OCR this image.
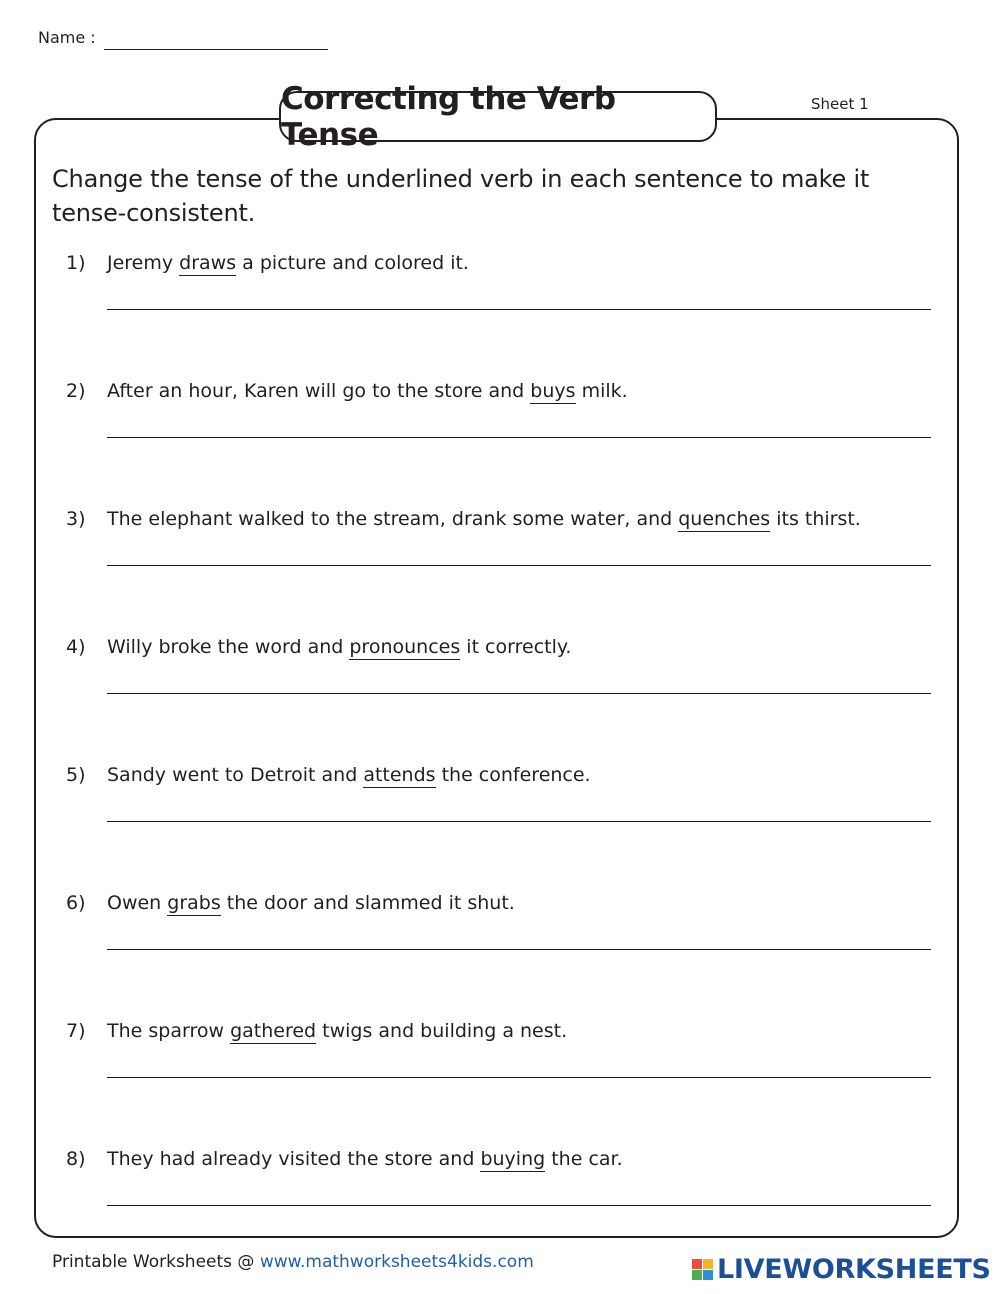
Name :
Correcting the Verb Tense
Sheet 1
Change the tense of the underlined verb in each sentence to make it tense-consistent.
1) Jeremy draws a picture and colored it.
2) After an hour, Karen will go to the store and buys milk.
3) The elephant walked to the stream, drank some water, and quenches its thirst.
4) Willy broke the word and pronounces it correctly.
5) Sandy went to Detroit and attends the conference.
6) Owen grabs the door and slammed it shut.
7) The sparrow gathered twigs and building a nest.
8) They had already visited the store and buying the car.
Printable Worksheets @ www.mathworksheets4kids.com	LIVEWORKSHEETS
